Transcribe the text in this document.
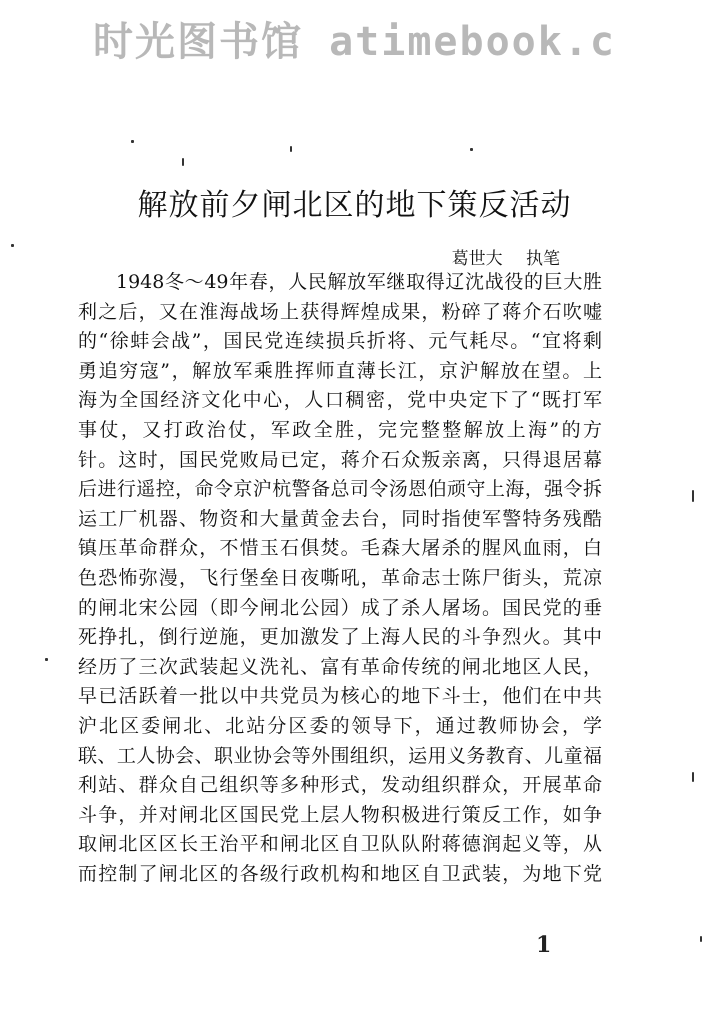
时光图书馆 atimebook.c
解放前夕闸北区的地下策反活动
葛世大 执笔
1948冬～49年春，人民解放军继取得辽沈战役的巨大胜
利之后，又在淮海战场上获得辉煌成果，粉碎了蒋介石吹嘘
的“徐蚌会战”，国民党连续损兵折将、元气耗尽。“宜将剩
勇追穷寇”，解放军乘胜挥师直薄长江，京沪解放在望。上
海为全国经济文化中心，人口稠密，党中央定下了“既打军
事仗，又打政治仗，军政全胜，完完整整解放上海”的方
针。这时，国民党败局已定，蒋介石众叛亲离，只得退居幕
后进行遥控，命令京沪杭警备总司令汤恩伯顽守上海，强令拆
运工厂机器、物资和大量黄金去台，同时指使军警特务残酷
镇压革命群众，不惜玉石俱焚。毛森大屠杀的腥风血雨，白
色恐怖弥漫，飞行堡垒日夜嘶吼，革命志士陈尸街头，荒凉
的闸北宋公园（即今闸北公园）成了杀人屠场。国民党的垂
死挣扎，倒行逆施，更加激发了上海人民的斗争烈火。其中
经历了三次武装起义洗礼、富有革命传统的闸北地区人民，
早已活跃着一批以中共党员为核心的地下斗士，他们在中共
沪北区委闸北、北站分区委的领导下，通过教师协会，学
联、工人协会、职业协会等外围组织，运用义务教育、儿童福
利站、群众自己组织等多种形式，发动组织群众，开展革命
斗争，并对闸北区国民党上层人物积极进行策反工作，如争
取闸北区区长王治平和闸北区自卫队队附蒋德润起义等，从
而控制了闸北区的各级行政机构和地区自卫武装，为地下党
1
